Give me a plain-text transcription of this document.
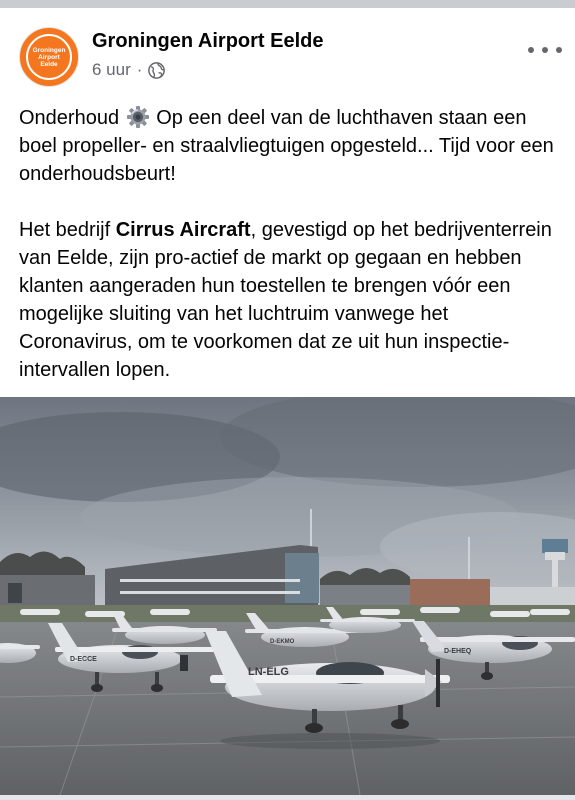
Groningen
Airport
Eelde
Groningen Airport Eelde
6 uur ·

Onderhoud  Op een deel van de luchthaven staan een boel propeller- en straalvliegtuigen opgesteld... Tijd voor een onderhoudsbeurt!

Het bedrijf Cirrus Aircraft, gevestigd op het bedrijventerrein van Eelde, zijn pro-actief de markt op gegaan en hebben klanten aangeraden hun toestellen te brengen vóór een mogelijke sluiting van het luchtruim vanwege het Coronavirus, om te voorkomen dat ze uit hun inspectie-intervallen lopen.

LN-ELG
D-ECCE
D-EHEQ
D-EKMO
